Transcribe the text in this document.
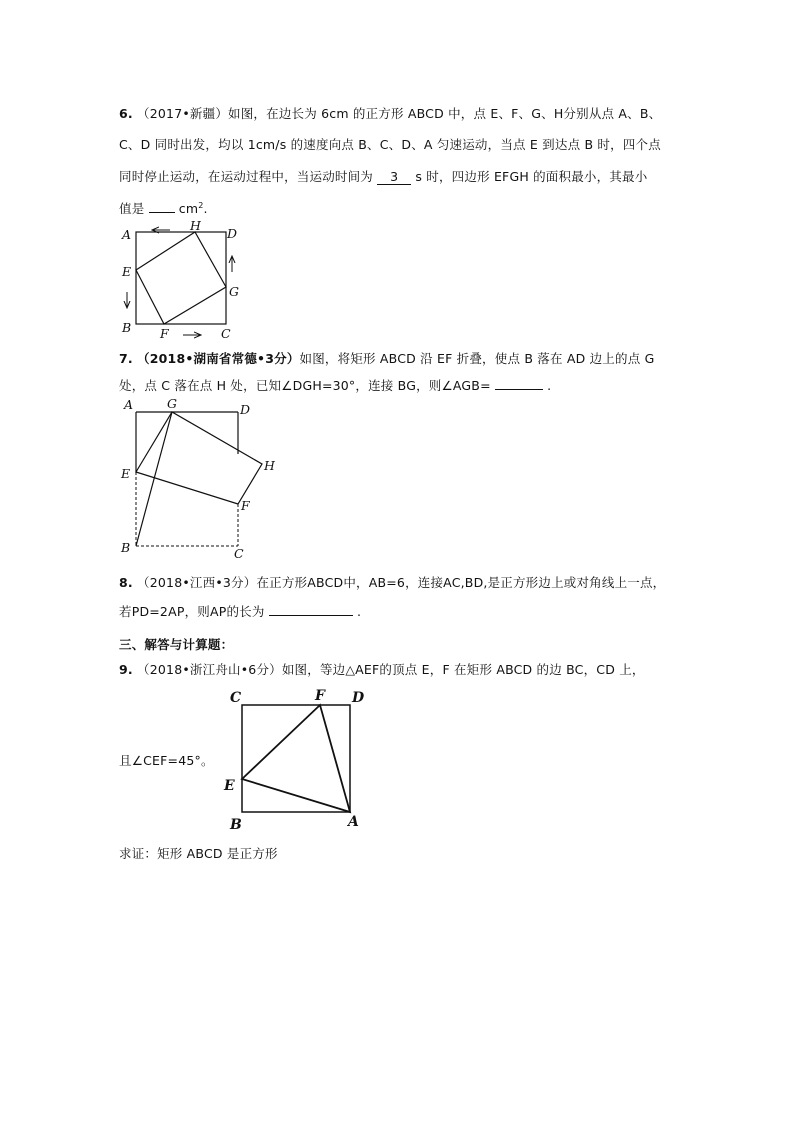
6. （2017•新疆）如图，在边长为 6cm 的正方形 ABCD 中，点 E、F、G、H分别从点 A、B、
C、D 同时出发，均以 1cm/s 的速度向点 B、C、D、A 匀速运动，当点 E 到达点 B 时，四个点
同时停止运动，在运动过程中，当运动时间为 3 s 时，四边形 EFGH 的面积最小，其最小
值是	$cm^2$.
A
H
D
E
G
B F	C
A	G	D
H
E
F
B	C
C	F D
E
B	A
7. （2018•湖南省常德•3分）如图，将矩形 ABCD 沿 EF 折叠，使点 B 落在 AD 边上的点 G
处，点 C 落在点 H 处，已知∠DGH=30°，连接 BG，则∠AGB=	.
8. （2018•江西•3分）在正方形ABCD中，AB=6，连接AC,BD,是正方形边上或对角线上一点，
若PD=2AP，则AP的长为	.
三、解答与计算题：
9. （2018•浙江舟山•6分）如图，等边△AEF的顶点 E，F 在矩形 ABCD 的边 BC，CD 上，
且∠CEF=45°。
求证：矩形 ABCD 是正方形
